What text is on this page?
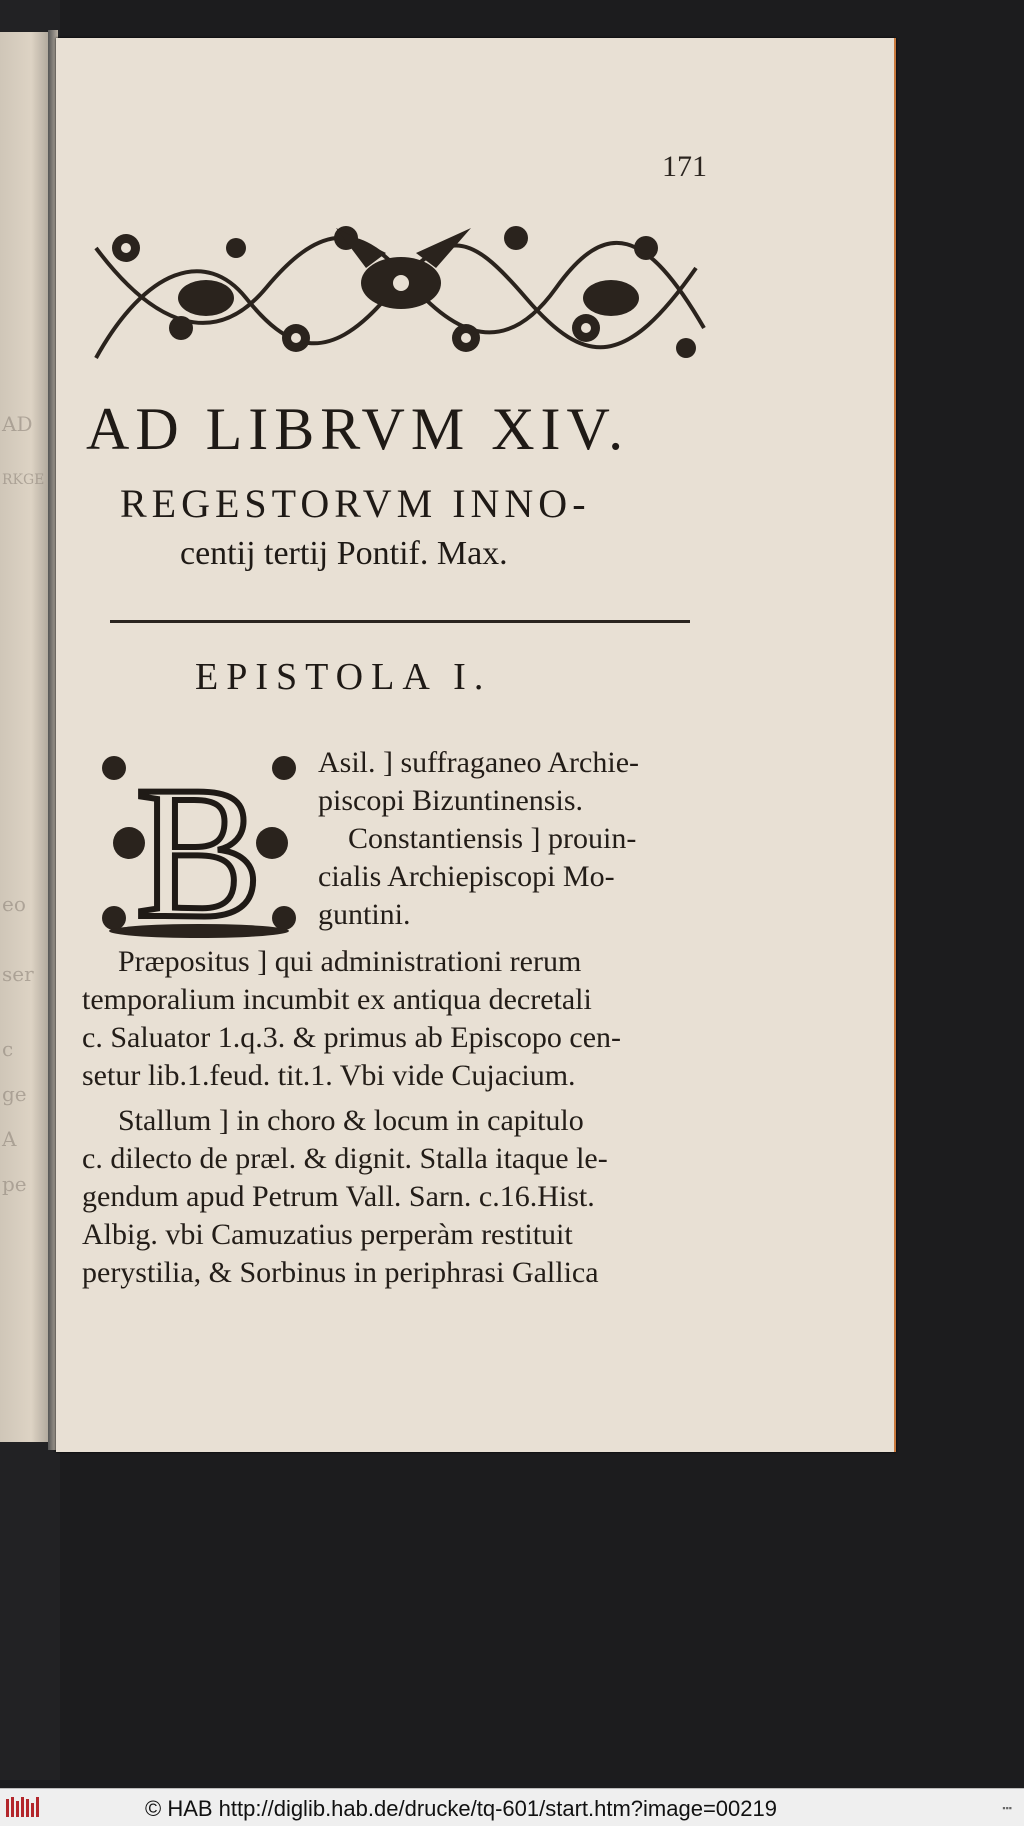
AD
RKGE
eo
ser
c
ge
A
pe
171
AD LIBRVM XIV.
REGESTORVM INNO-
centij tertij Pontif. Max.
EPISTOLA I.
B Asil. ] suffraganeo Archie-
piscopi Bizuntinensis.
Constantiensis ] prouin-
cialis Archiepiscopi Mo-
guntini.
Præpositus ] qui administrationi rerum
temporalium incumbit ex antiqua decretali
c. Saluator 1.q.3. & primus ab Episcopo cen-
setur lib.1.feud. tit.1. Vbi vide Cujacium.
Stallum ] in choro & locum in capitulo
c. dilecto de præl. & dignit. Stalla itaque le-
gendum apud Petrum Vall. Sarn. c.16.Hist.
Albig. vbi Camuzatius perperàm restituit
perystilia, & Sorbinus in periphrasi Gallica
© HAB http://diglib.hab.de/drucke/tq-601/start.htm?image=00219	▪▪▪
